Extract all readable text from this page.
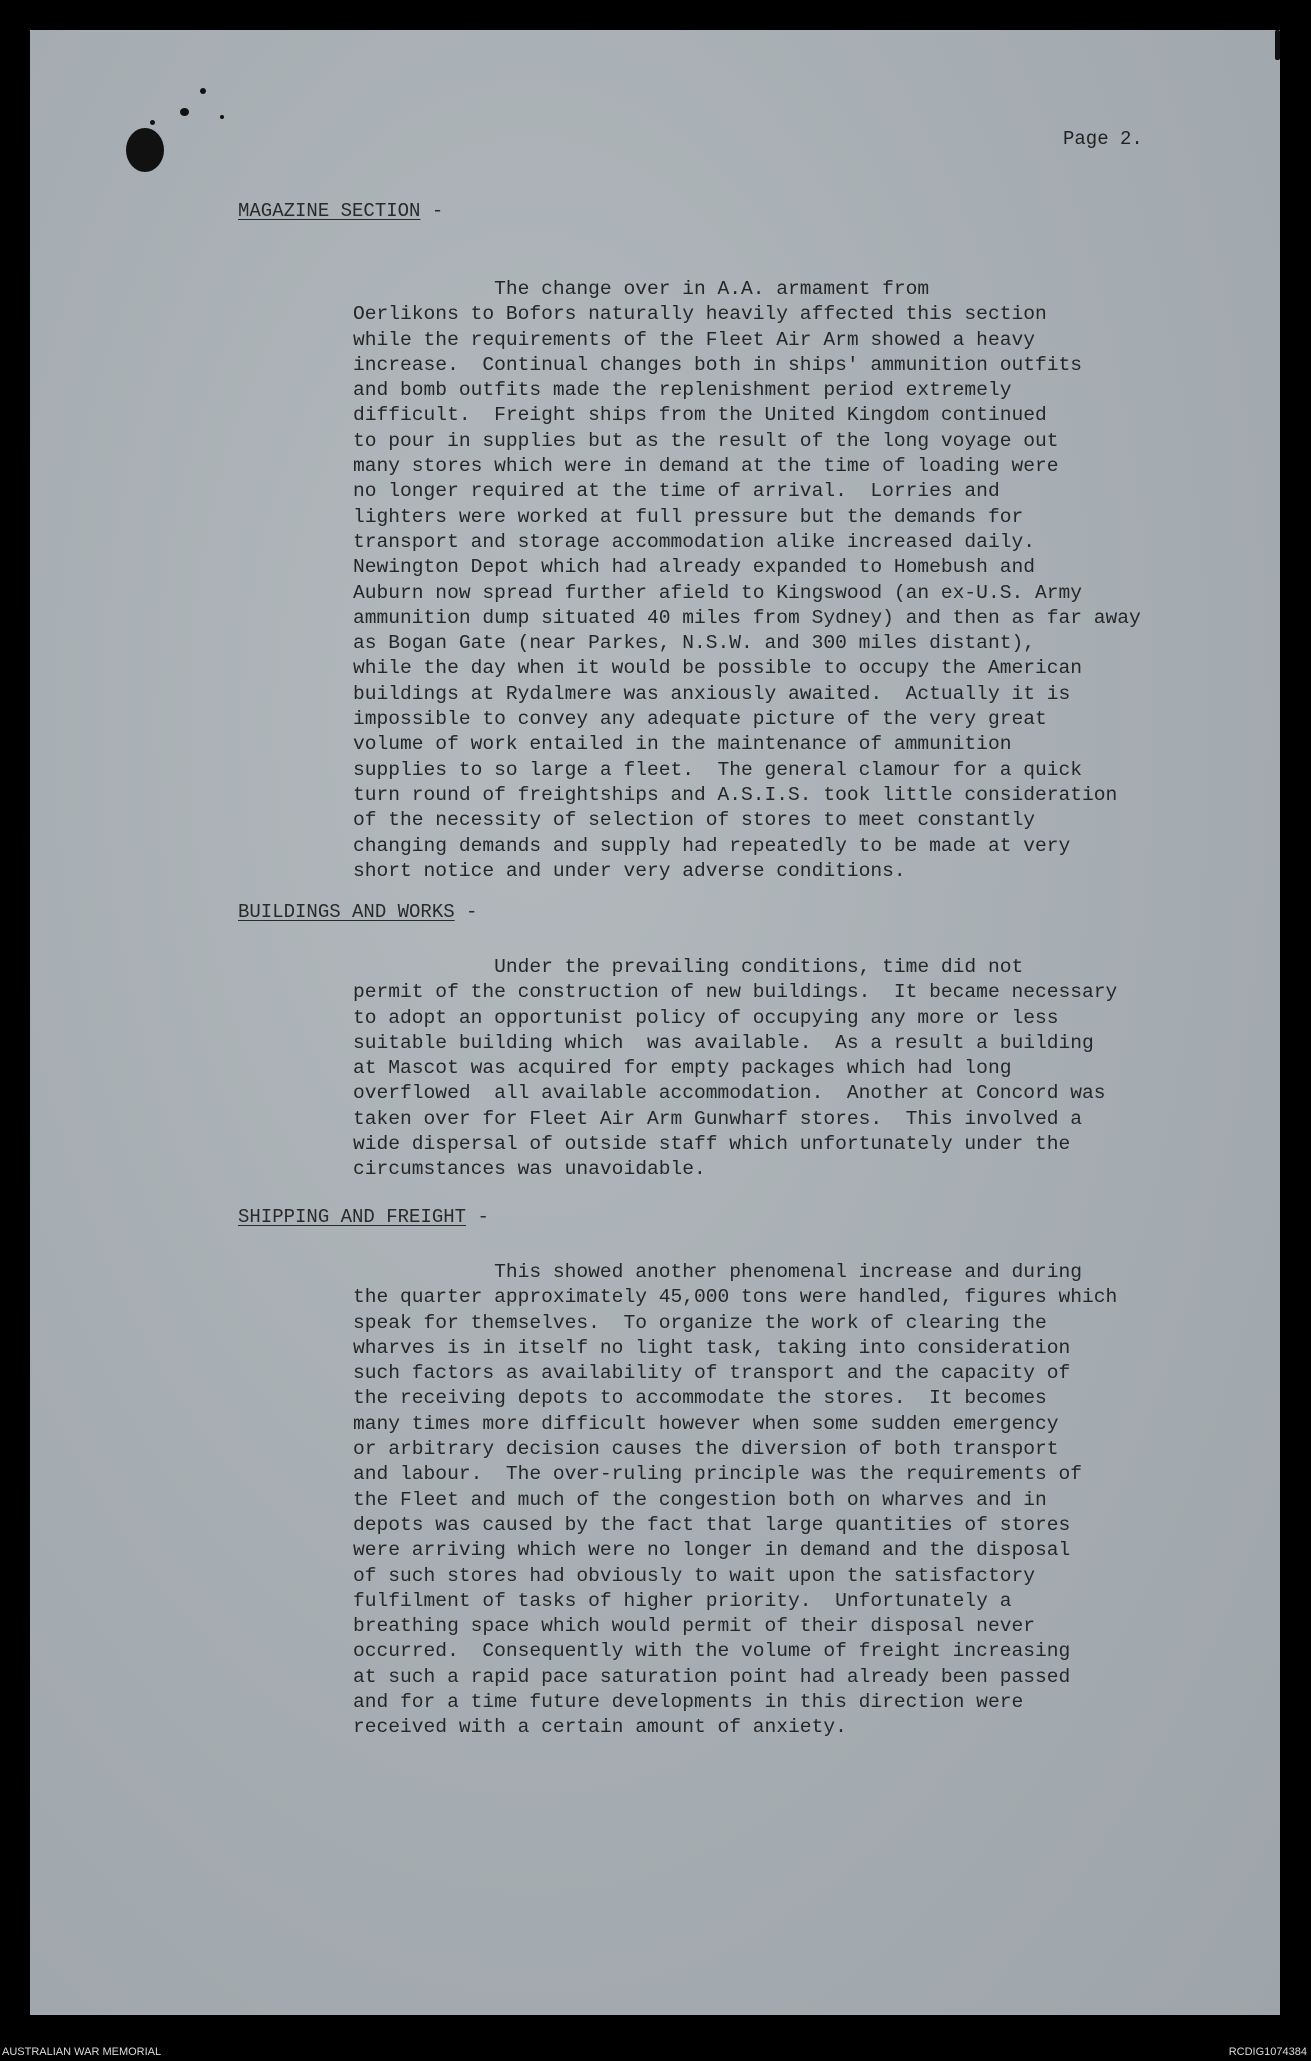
Page 2.
MAGAZINE SECTION -
The change over in A.A. armament from
Oerlikons to Bofors naturally heavily affected this section
while the requirements of the Fleet Air Arm showed a heavy
increase.  Continual changes both in ships' ammunition outfits
and bomb outfits made the replenishment period extremely
difficult.  Freight ships from the United Kingdom continued
to pour in supplies but as the result of the long voyage out
many stores which were in demand at the time of loading were
no longer required at the time of arrival.  Lorries and
lighters were worked at full pressure but the demands for
transport and storage accommodation alike increased daily.
Newington Depot which had already expanded to Homebush and
Auburn now spread further afield to Kingswood (an ex-U.S. Army
ammunition dump situated 40 miles from Sydney) and then as far away
as Bogan Gate (near Parkes, N.S.W. and 300 miles distant),
while the day when it would be possible to occupy the American
buildings at Rydalmere was anxiously awaited.  Actually it is
impossible to convey any adequate picture of the very great
volume of work entailed in the maintenance of ammunition
supplies to so large a fleet.  The general clamour for a quick
turn round of freightships and A.S.I.S. took little consideration
of the necessity of selection of stores to meet constantly
changing demands and supply had repeatedly to be made at very
short notice and under very adverse conditions.
BUILDINGS AND WORKS -
Under the prevailing conditions, time did not
permit of the construction of new buildings.  It became necessary
to adopt an opportunist policy of occupying any more or less
suitable building which  was available.  As a result a building
at Mascot was acquired for empty packages which had long
overflowed  all available accommodation.  Another at Concord was
taken over for Fleet Air Arm Gunwharf stores.  This involved a
wide dispersal of outside staff which unfortunately under the
circumstances was unavoidable.
SHIPPING AND FREIGHT -
This showed another phenomenal increase and during
the quarter approximately 45,000 tons were handled, figures which
speak for themselves.  To organize the work of clearing the
wharves is in itself no light task, taking into consideration
such factors as availability of transport and the capacity of
the receiving depots to accommodate the stores.  It becomes
many times more difficult however when some sudden emergency
or arbitrary decision causes the diversion of both transport
and labour.  The over-ruling principle was the requirements of
the Fleet and much of the congestion both on wharves and in
depots was caused by the fact that large quantities of stores
were arriving which were no longer in demand and the disposal
of such stores had obviously to wait upon the satisfactory
fulfilment of tasks of higher priority.  Unfortunately a
breathing space which would permit of their disposal never
occurred.  Consequently with the volume of freight increasing
at such a rapid pace saturation point had already been passed
and for a time future developments in this direction were
received with a certain amount of anxiety.
AUSTRALIAN WAR MEMORIAL	RCDIG1074384
